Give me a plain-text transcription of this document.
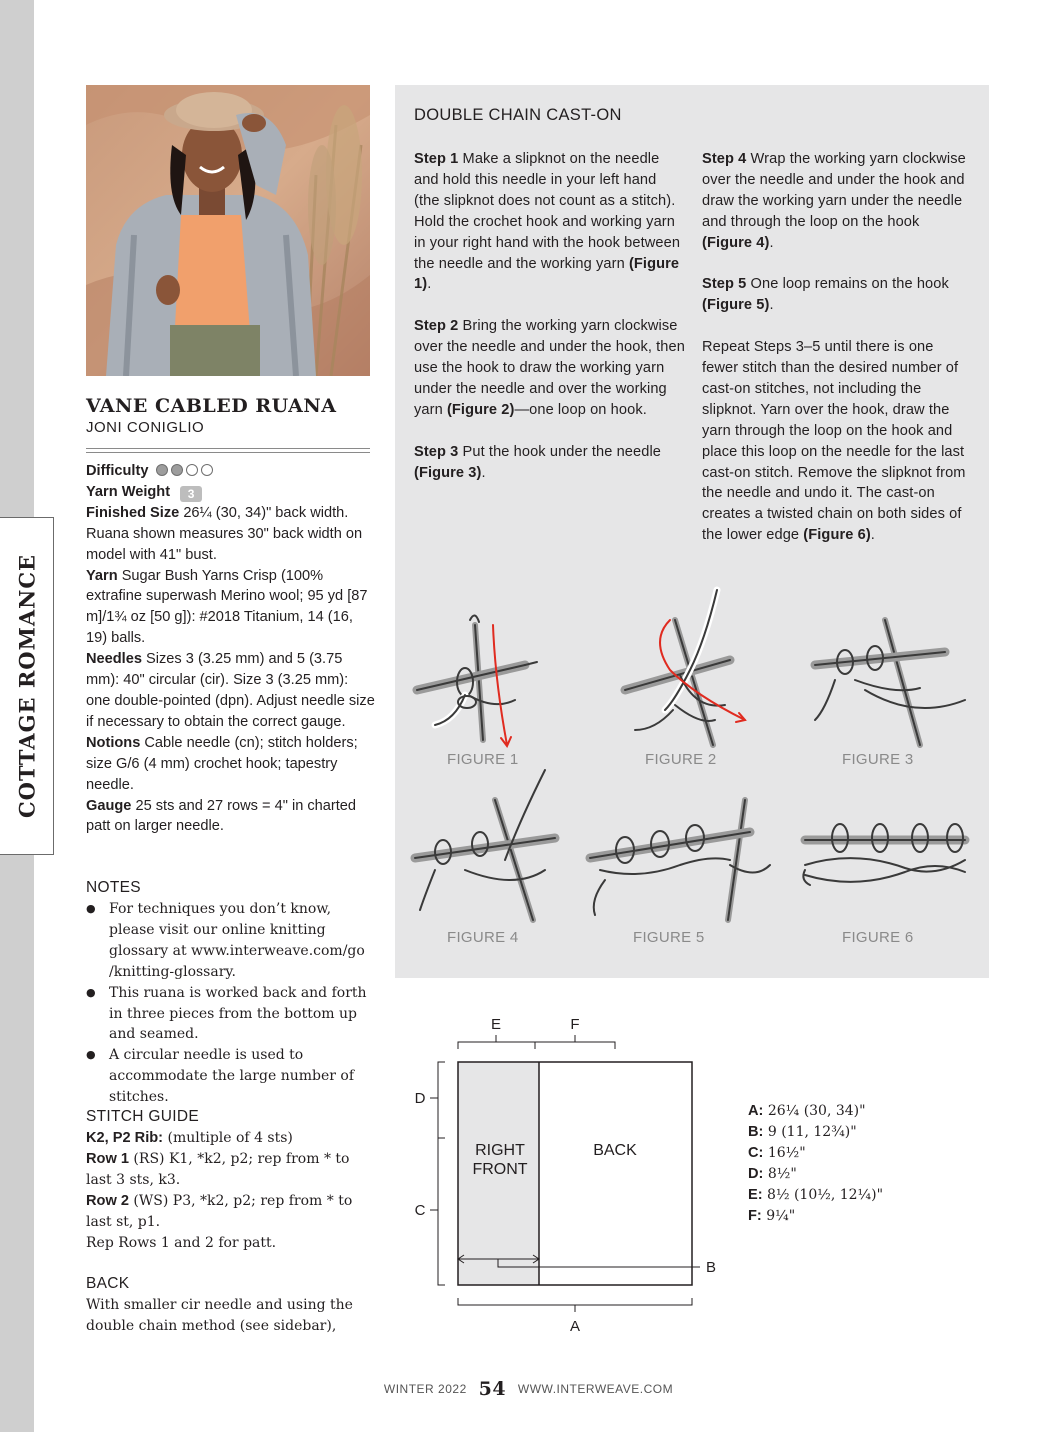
COTTAGE ROMANCE
VANE CABLED RUANA
JONI CONIGLIO
Difficulty
Yarn Weight 3
Finished Size 26¼ (30, 34)" back width. Ruana shown measures 30" back width on model with 41" bust.
Yarn Sugar Bush Yarns Crisp (100% extrafine superwash Merino wool; 95 yd [87 m]/1¾ oz [50 g]): #2018 Titanium, 14 (16, 19) balls.
Needles Sizes 3 (3.25 mm) and 5 (3.75 mm): 40" circular (cir). Size 3 (3.25 mm): one double-pointed (dpn). Adjust needle size if necessary to obtain the correct gauge.
Notions Cable needle (cn); stitch holders; size G/6 (4 mm) crochet hook; tapestry needle.
Gauge 25 sts and 27 rows = 4" in charted patt on larger needle.
NOTES
● For techniques you don’t know, please visit our online knitting glossary at www.interweave.com/go /knitting-glossary.
● This ruana is worked back and forth in three pieces from the bottom up and seamed.
● A circular needle is used to accommodate the large number of stitches.
STITCH GUIDE
K2, P2 Rib: (multiple of 4 sts)
Row 1 (RS) K1, *k2, p2; rep from * to last 3 sts, k3.
Row 2 (WS) P3, *k2, p2; rep from * to last st, p1.
Rep Rows 1 and 2 for patt.
BACK
With smaller cir needle and using the double chain method (see sidebar),
DOUBLE CHAIN CAST-ON

Step 1 Make a slipknot on the needle and hold this needle in your left hand (the slipknot does not count as a stitch). Hold the crochet hook and working yarn in your right hand with the hook between the needle and the working yarn (Figure 1).

Step 2 Bring the working yarn clockwise over the needle and under the hook, then use the hook to draw the working yarn under the needle and over the working yarn (Figure 2)—one loop on hook.

Step 3 Put the hook under the needle (Figure 3).

Step 4 Wrap the working yarn clockwise over the needle and under the hook and draw the working yarn under the needle and through the loop on the hook (Figure 4).

Step 5 One loop remains on the hook (Figure 5).

Repeat Steps 3–5 until there is one fewer stitch than the desired number of cast-on stitches, not including the slipknot. Yarn over the hook, draw the yarn through the loop on the hook and place this loop on the needle for the last cast-on stitch. Remove the slipknot from the needle and undo it. The cast-on creates a twisted chain on both sides of the lower edge (Figure 6).

FIGURE 1	FIGURE 2	FIGURE 3
FIGURE 4	FIGURE 5	FIGURE 6
E	F
D
C
A
B
RIGHT
FRONT
BACK
A: 26¼ (30, 34)"
B: 9 (11, 12¾)"
C: 16½"
D: 8½"
E: 8½ (10½, 12¼)"
F: 9¼"
WINTER 2022 54 WWW.INTERWEAVE.COM
